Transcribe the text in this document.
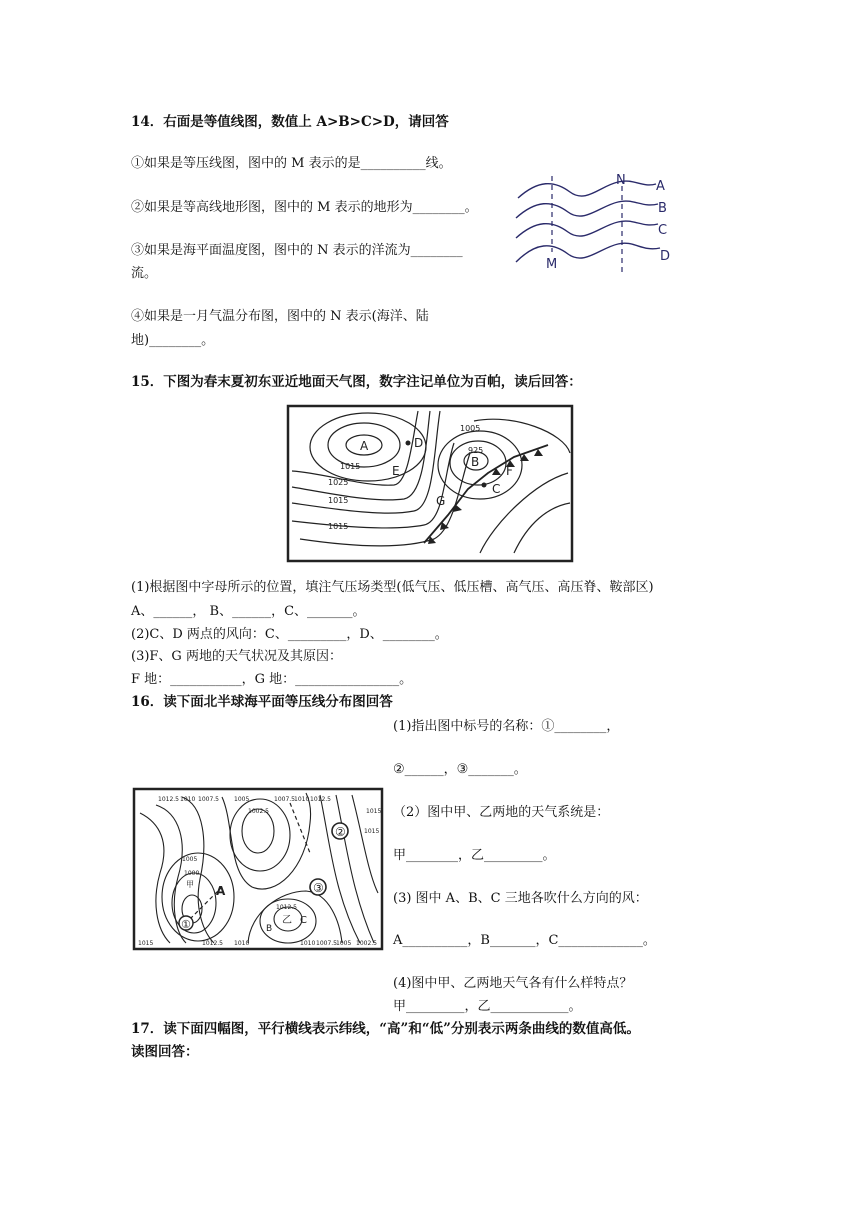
14．右面是等值线图，数值上 A>B>C>D，请回答
①如果是等压线图，图中的 M 表示的是__________线。
②如果是等高线地形图，图中的 M 表示的地形为________。
③如果是海平面温度图，图中的 N 表示的洋流为________
流。
④如果是一月气温分布图，图中的 N 表示(海洋、陆
地)________。
N A
B
C
D
M
15．下图为春末夏初东亚近地面天气图，数字注记单位为百帕，读后回答：
A	D
E
B
F
C
G
1005
925
1025
1015
1015
1015
(1)根据图中字母所示的位置，填注气压场类型(低气压、低压槽、高气压、高压脊、鞍部区)
A、______， B、______，C、_______。
(2)C、D 两点的风向：C、_________，D、________。
(3)F、G 两地的天气状况及其原因：
F 地：___________，G 地：________________。
16．读下面北半球海平面等压线分布图回答
(1)指出图中标号的名称：①________，
②______，③_______。
（2）图中甲、乙两地的天气系统是：
甲________，乙_________。
(3) 图中 A、B、C 三地各吹什么方向的风：
A__________，B_______，C_____________。
(4)图中甲、乙两地天气各有什么样特点？
甲_________，乙____________。
②
③
①
甲
乙
A
B
C
1012.5 1010 1007.5	1005	1007.5 1010 1012.5
1015
1015	1012.5 1010	1010 1007.5 1005 1002.5
1002.5
1005
1000
1012.5
1015
17．读下面四幅图，平行横线表示纬线，“高”和“低”分别表示两条曲线的数值高低。
读图回答：
